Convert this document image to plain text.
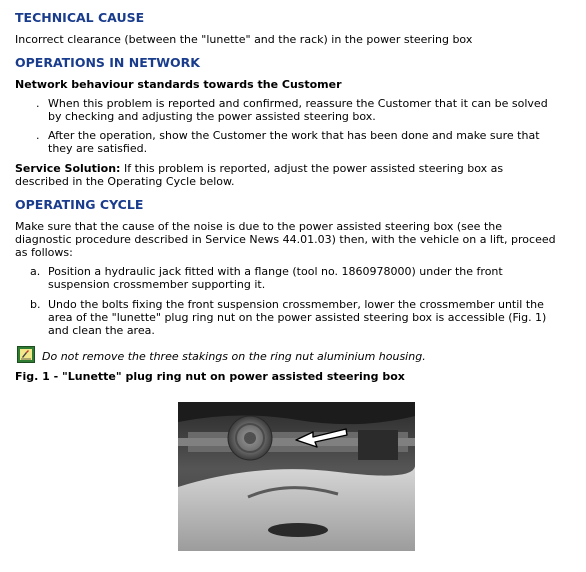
TECHNICAL CAUSE
Incorrect clearance (between the "lunette" and the rack) in the power steering box
OPERATIONS IN NETWORK
Network behaviour standards towards the Customer
. When this problem is reported and confirmed, reassure the Customer that it can be solved
by checking and adjusting the power assisted steering box.
. After the operation, show the Customer the work that has been done and make sure that
they are satisfied.
Service Solution: If this problem is reported, adjust the power assisted steering box as
described in the Operating Cycle below.
OPERATING CYCLE
Make sure that the cause of the noise is due to the power assisted steering box (see the
diagnostic procedure described in Service News 44.01.03) then, with the vehicle on a lift, proceed
as follows:
a. Position a hydraulic jack fitted with a flange (tool no. 1860978000) under the front
suspension crossmember supporting it.
b. Undo the bolts fixing the front suspension crossmember, lower the crossmember until the
area of the "lunette" plug ring nut on the power assisted steering box is accessible (Fig. 1)
and clean the area.
Do not remove the three stakings on the ring nut aluminium housing.
Fig. 1 - "Lunette" plug ring nut on power assisted steering box
